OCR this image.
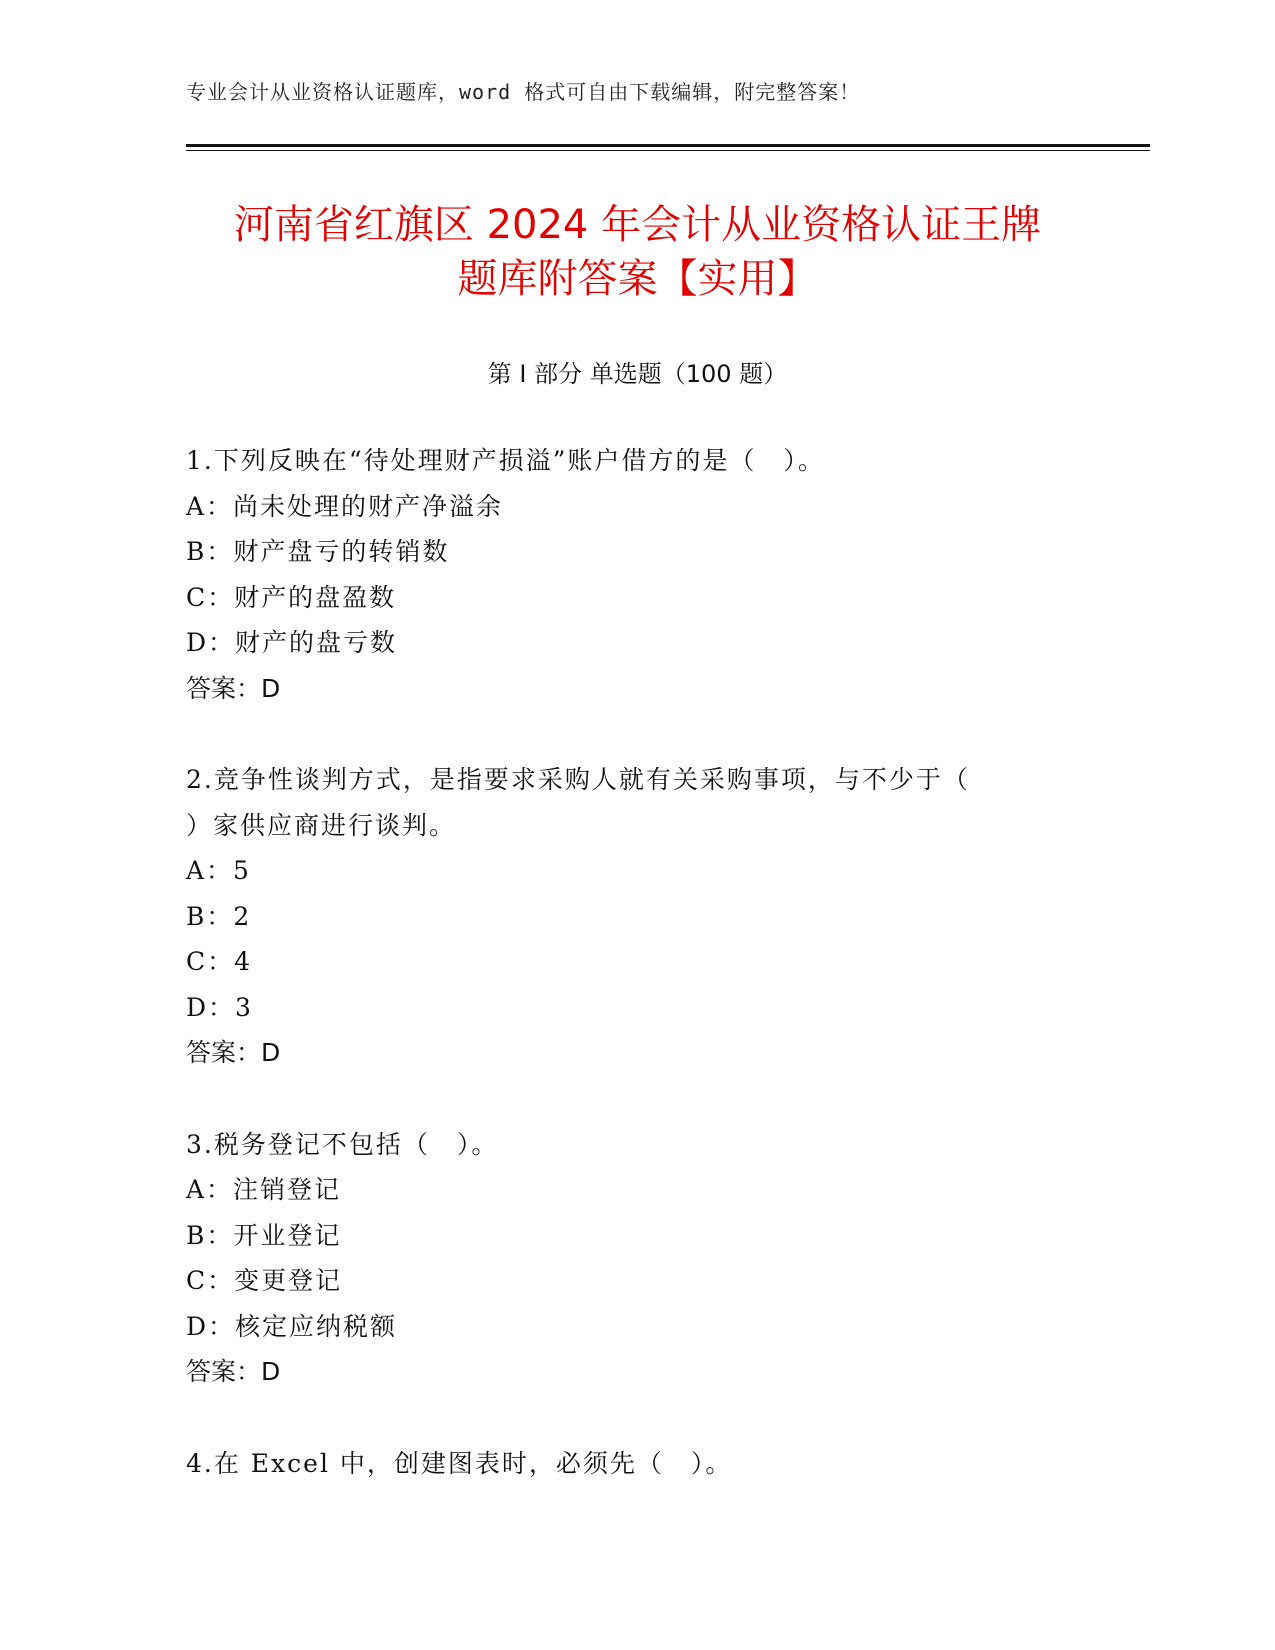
专业会计从业资格认证题库，word 格式可自由下载编辑，附完整答案！
河南省红旗区 2024 年会计从业资格认证王牌
题库附答案【实用】
第 I 部分 单选题（100 题）
1.下列反映在“待处理财产损溢”账户借方的是（　）。
A：尚未处理的财产净溢余
B：财产盘亏的转销数
C：财产的盘盈数
D：财产的盘亏数
答案：D
2.竞争性谈判方式，是指要求采购人就有关采购事项，与不少于（
）家供应商进行谈判。
A：5
B：2
C：4
D：3
答案：D
3.税务登记不包括（　）。
A：注销登记
B：开业登记
C：变更登记
D：核定应纳税额
答案：D
4.在 Excel 中，创建图表时，必须先（　）。
